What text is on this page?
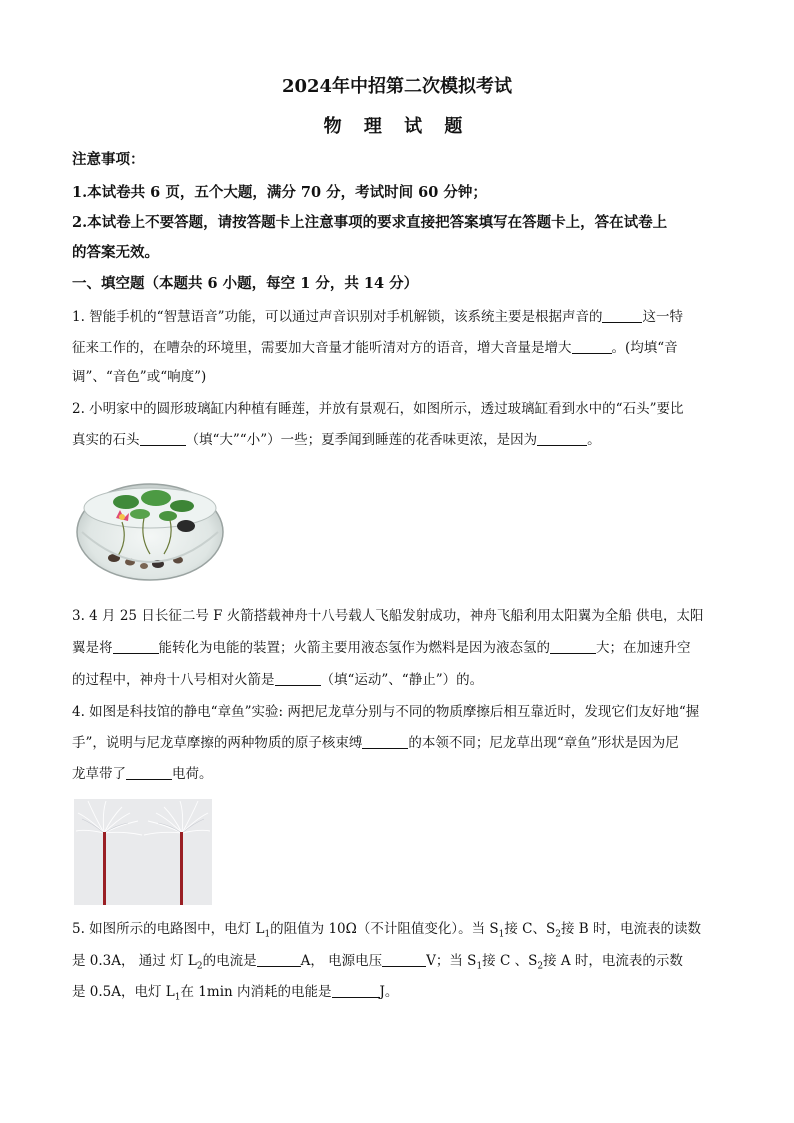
2024年中招第二次模拟考试
物 理 试 题
注意事项：
1.本试卷共 6 页，五个大题，满分 70 分，考试时间 60 分钟；
2.本试卷上不要答题，请按答题卡上注意事项的要求直接把答案填写在答题卡上，答在试卷上
的答案无效。
一、填空题（本题共 6 小题，每空 1 分，共 14 分）
1. 智能手机的“智慧语音”功能，可以通过声音识别对手机解锁，该系统主要是根据声音的	这一特
征来工作的，在嘈杂的环境里，需要加大音量才能听清对方的语音，增大音量是增大	。(均填“音
调”、“音色”或“响度”)
2. 小明家中的圆形玻璃缸内种植有睡莲，并放有景观石，如图所示，透过玻璃缸看到水中的“石头”要比
真实的石头	（填“大”“小”）一些；夏季闻到睡莲的花香味更浓，是因为	。
3. 4 月 25 日长征二号 F 火箭搭载神舟十八号载人飞船发射成功，神舟飞船利用太阳翼为全船 供电，太阳
翼是将	能转化为电能的装置；火箭主要用液态氢作为燃料是因为液态氢的	大；在加速升空
的过程中，神舟十八号相对火箭是	（填“运动”、“静止”）的。
4. 如图是科技馆的静电“章鱼”实验: 两把尼龙草分别与不同的物质摩擦后相互靠近时，发现它们友好地“握
手”，说明与尼龙草摩擦的两种物质的原子核束缚	的本领不同；尼龙草出现“章鱼”形状是因为尼
龙草带了	电荷。
5. 如图所示的电路图中，电灯 $L_1$的阻值为 10Ω（不计阻值变化）。当 $S_1$接 C、$S_2$接 B 时，电流表的读数
是 0.3A， 通过 灯 $L_2$的电流是	A， 电源电压	V；当 $S_1$接 C 、$S_2$接 A 时，电流表的示数
是 0.5A，电灯 $L_1$在 1min 内消耗的电能是	J。
